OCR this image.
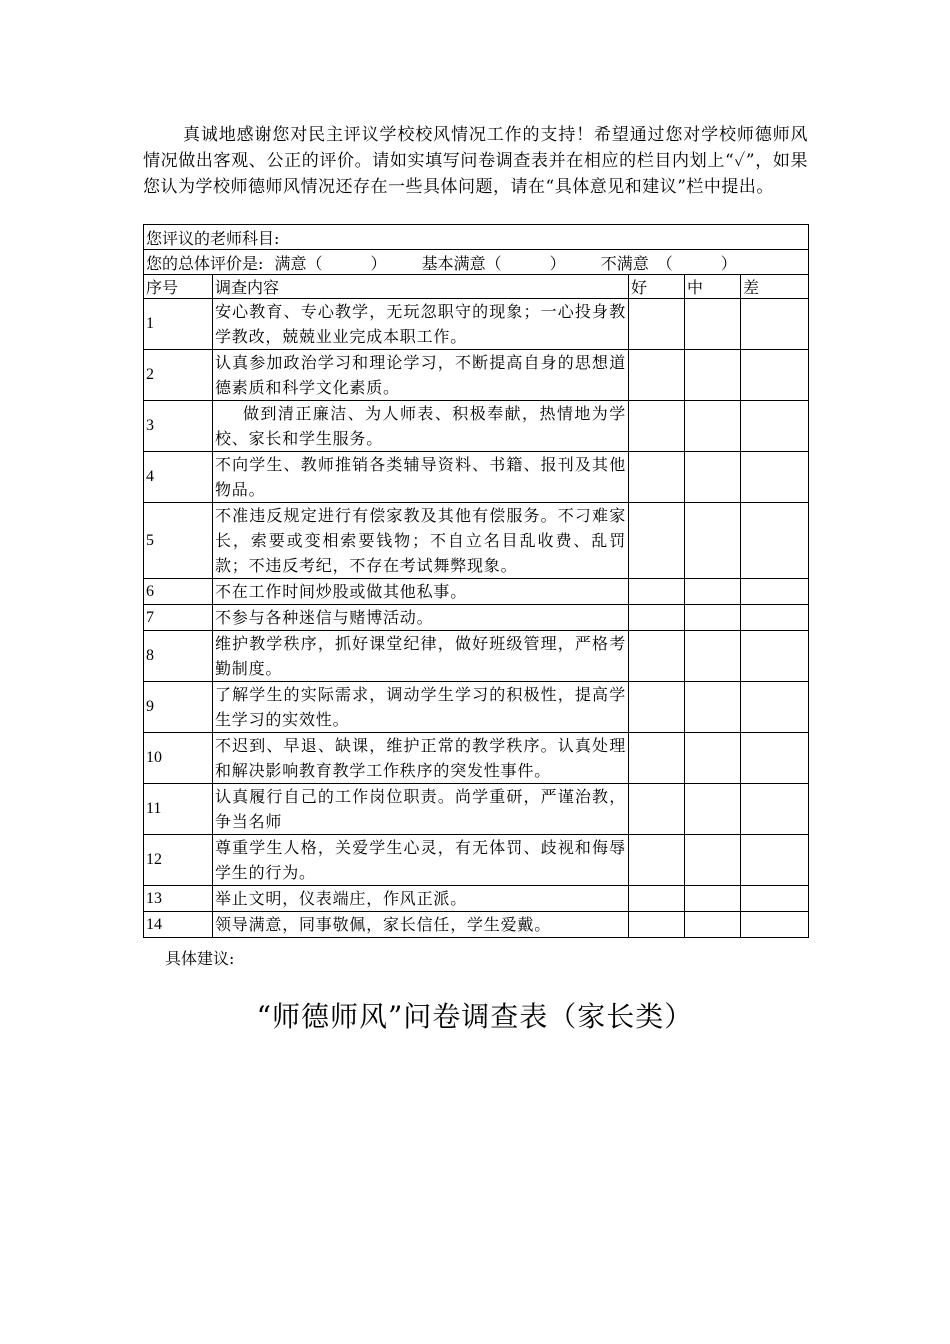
真诚地感谢您对民主评议学校校风情况工作的支持！希望通过您对学校师德师风情况做出客观、公正的评价。请如实填写问卷调查表并在相应的栏目内划上“✓”，如果您认为学校师德师风情况还存在一些具体问题，请在“具体意见和建议”栏中提出。

您评议的老师科目:				
您的总体评价是: 满意（　　　） 基本满意（　　　） 不满意　（　　　）				
序号	调查内容	好	中	差
1	安心教育、专心教学，无玩忽职守的现象；一心投身教学教改，兢兢业业完成本职工作。			
2	认真参加政治学习和理论学习，不断提高自身的思想道德素质和科学文化素质。			
3	做到清正廉洁、为人师表、积极奉献，热情地为学校、家长和学生服务。			
4	不向学生、教师推销各类辅导资料、书籍、报刊及其他物品。			
5	不准违反规定进行有偿家教及其他有偿服务。不刁难家长，索要或变相索要钱物；不自立名目乱收费、乱罚款；不违反考纪，不存在考试舞弊现象。			
6	不在工作时间炒股或做其他私事。			
7	不参与各种迷信与赌博活动。			
8	维护教学秩序，抓好课堂纪律，做好班级管理，严格考勤制度。			
9	了解学生的实际需求，调动学生学习的积极性，提高学生学习的实效性。			
10	不迟到、早退、缺课，维护正常的教学秩序。认真处理和解决影响教育教学工作秩序的突发性事件。			
11	认真履行自己的工作岗位职责。尚学重研，严谨治教，争当名师			
12	尊重学生人格，关爱学生心灵，有无体罚、歧视和侮辱学生的行为。			
13	举止文明，仪表端庄，作风正派。			
14	领导满意，同事敬佩，家长信任，学生爱戴。			
具体建议:
“师德师风”问卷调查表（家长类）
